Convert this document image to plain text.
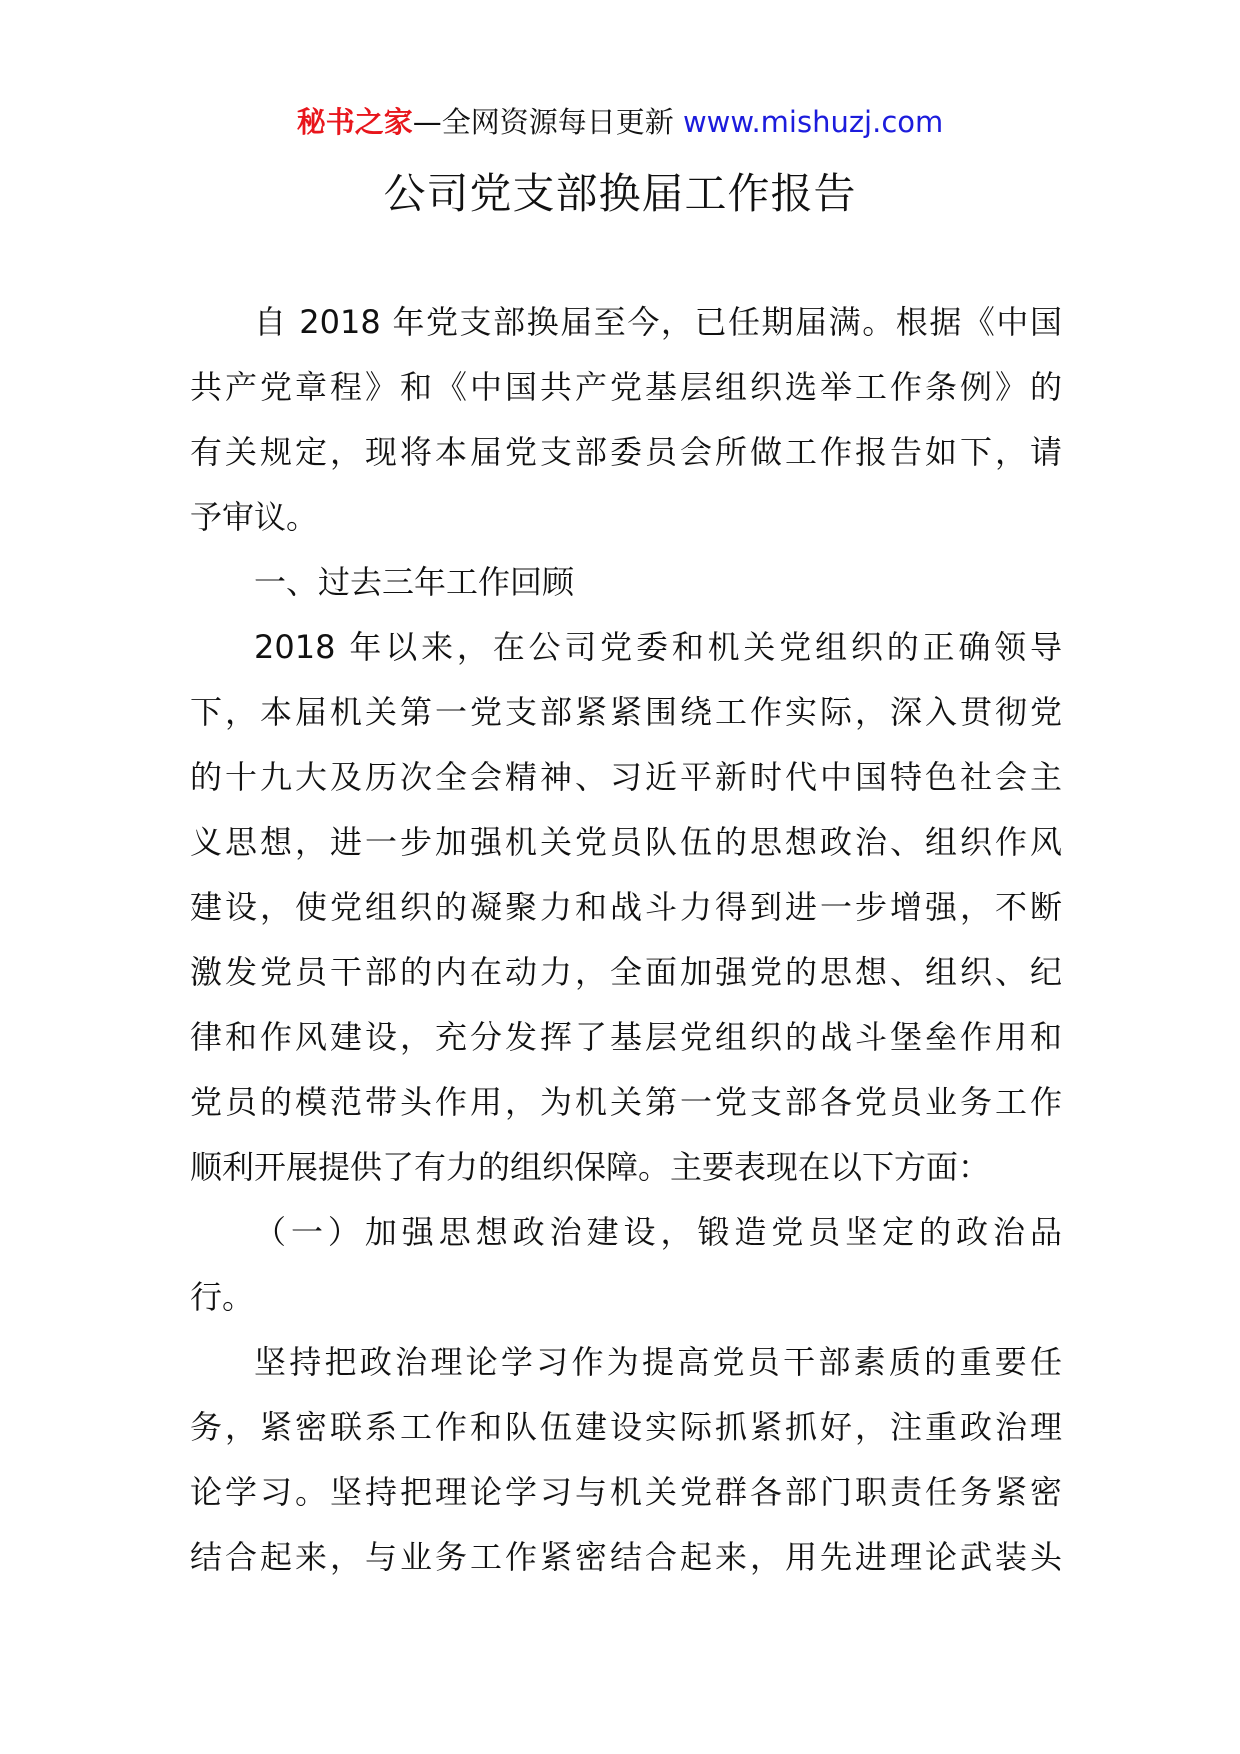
秘书之家—全网资源每日更新 www.mishuzj.com
公司党支部换届工作报告
自 2018 年党支部换届至今，已任期届满。根据《中国
共产党章程》和《中国共产党基层组织选举工作条例》的
有关规定，现将本届党支部委员会所做工作报告如下，请
予审议。
一、过去三年工作回顾
2018 年以来，在公司党委和机关党组织的正确领导
下，本届机关第一党支部紧紧围绕工作实际，深入贯彻党
的十九大及历次全会精神、习近平新时代中国特色社会主
义思想，进一步加强机关党员队伍的思想政治、组织作风
建设，使党组织的凝聚力和战斗力得到进一步增强，不断
激发党员干部的内在动力，全面加强党的思想、组织、纪
律和作风建设，充分发挥了基层党组织的战斗堡垒作用和
党员的模范带头作用，为机关第一党支部各党员业务工作
顺利开展提供了有力的组织保障。主要表现在以下方面：
（一）加强思想政治建设，锻造党员坚定的政治品
行。
坚持把政治理论学习作为提高党员干部素质的重要任
务，紧密联系工作和队伍建设实际抓紧抓好，注重政治理
论学习。坚持把理论学习与机关党群各部门职责任务紧密
结合起来，与业务工作紧密结合起来，用先进理论武装头
